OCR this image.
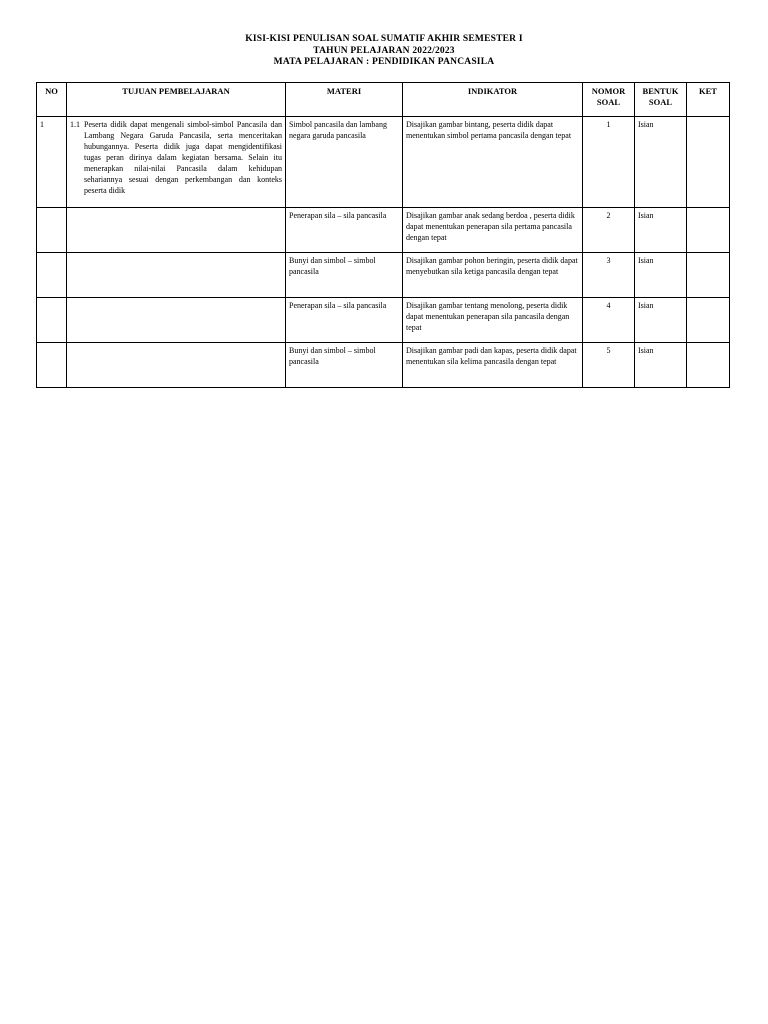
KISI-KISI PENULISAN SOAL SUMATIF AKHIR SEMESTER I
TAHUN PELAJARAN 2022/2023
MATA PELAJARAN : PENDIDIKAN PANCASILA
NO	TUJUAN PEMBELAJARAN	MATERI	INDIKATOR	NOMOR SOAL	BENTUK SOAL	KET
1	1.1 Peserta didik dapat mengenali simbol-simbol Pancasila dan Lambang Negara Garuda Pancasila, serta menceritakan hubungannya. Peserta didik juga dapat mengidentifikasi tugas peran dirinya dalam kegiatan bersama. Selain itu menerapkan nilai-nilai Pancasila dalam kehidupan sehariannya sesuai dengan perkembangan dan konteks peserta didik	Simbol pancasila dan lambang negara garuda pancasila	Disajikan gambar bintang, peserta didik dapat menentukan simbol pertama pancasila dengan tepat	1	Isian	
		Penerapan sila – sila pancasila	Disajikan gambar anak sedang berdoa , peserta didik dapat menentukan penerapan sila pertama pancasila dengan tepat	2	Isian	
		Bunyi dan simbol – simbol pancasila	Disajikan gambar pohon beringin, peserta didik dapat menyebutkan sila ketiga pancasila dengan tepat	3	Isian	
		Penerapan sila – sila pancasila	Disajikan gambar tentang menolong, peserta didik dapat menentukan penerapan sila pancasila dengan tepat	4	Isian	
		Bunyi dan simbol – simbol pancasila	Disajikan gambar padi dan kapas, peserta didik dapat menentukan sila kelima pancasila dengan tepat	5	Isian	
